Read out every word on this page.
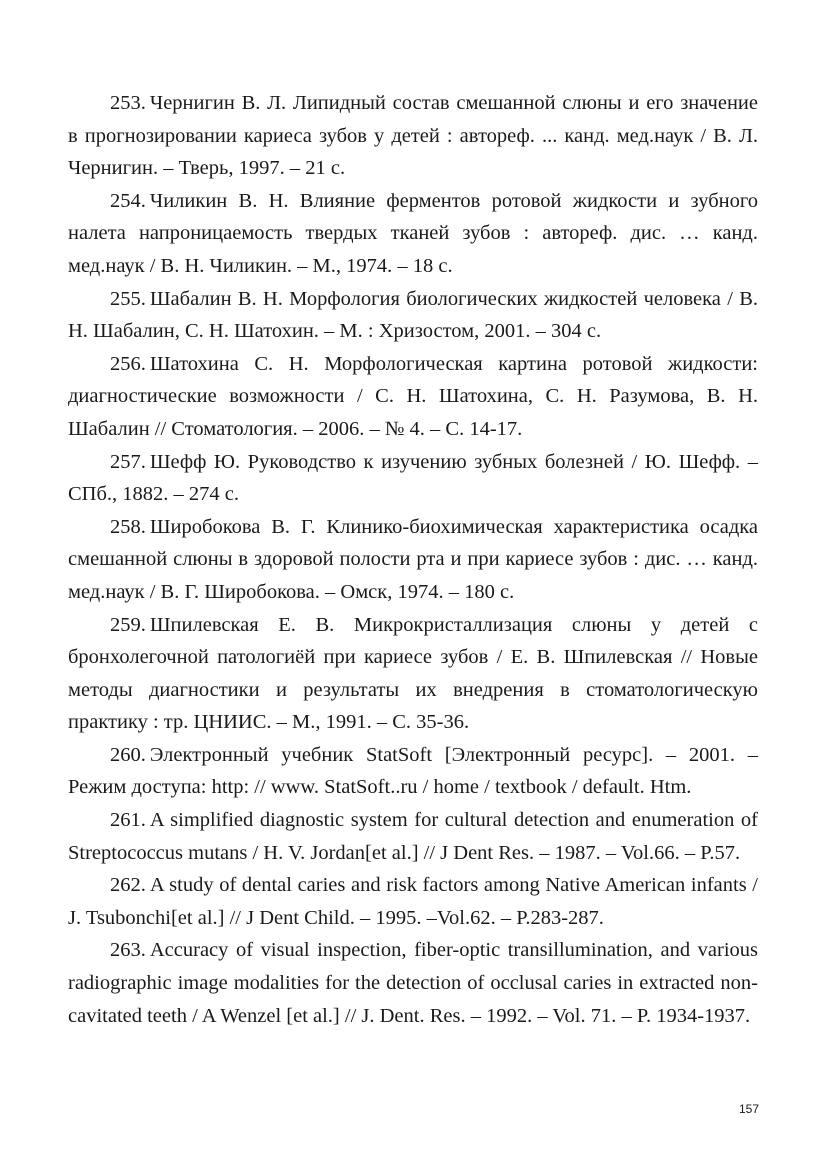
253. Чернигин В. Л. Липидный состав смешанной слюны и его значение в прогнозировании кариеса зубов у детей : автореф. ... канд. мед.наук / В. Л. Чернигин. – Тверь, 1997. – 21 с.

254. Чиликин В. Н. Влияние ферментов ротовой жидкости и зубного налета напроницаемость твердых тканей зубов : автореф. дис. … канд. мед.наук / В. Н. Чиликин. – М., 1974. – 18 с.

255. Шабалин В. Н. Морфология биологических жидкостей человека / В. Н. Шабалин, С. Н. Шатохин. – М. : Хризостом, 2001. – 304 с.

256. Шатохина С. Н. Морфологическая картина ротовой жидкости: диагностические возможности / С. Н. Шатохина, С. Н. Разумова, В. Н. Шабалин // Стоматология. – 2006. – № 4. – С. 14-17.

257. Шефф Ю. Руководство к изучению зубных болезней / Ю. Шефф. – СПб., 1882. – 274 с.

258. Широбокова В. Г. Клинико-биохимическая характеристика осадка смешанной слюны в здоровой полости рта и при кариесе зубов : дис. … канд. мед.наук / В. Г. Широбокова. – Омск, 1974. – 180 с.

259. Шпилевская Е. В. Микрокристаллизация слюны у детей с бронхолегочной патологиёй при кариесе зубов / Е. В. Шпилевская // Новые методы диагностики и результаты их внедрения в стоматологическую практику : тр. ЦНИИС. – М., 1991. – С. 35-36.

260. Электронный учебник StatSoft [Электронный ресурс]. – 2001. – Режим доступа: http: // www. StatSoft..ru / home / textbook / default. Htm.

261. A simplified diagnostic system for cultural detection and enumeration of Streptococcus mutans / H. V. Jordan[et al.] // J Dent Res. – 1987. – Vol.66. – P.57.

262. A study of dental caries and risk factors among Native American infants / J. Tsubonchi[et al.] // J Dent Child. – 1995. –Vol.62. – P.283-287.

263. Accuracy of visual inspection, fiber-optic transillumination, and various radiographic image modalities for the detection of occlusal caries in extracted non-cavitated teeth / A Wenzel [et al.] // J. Dent. Res. – 1992. – Vol. 71. – P. 1934-1937.

157
